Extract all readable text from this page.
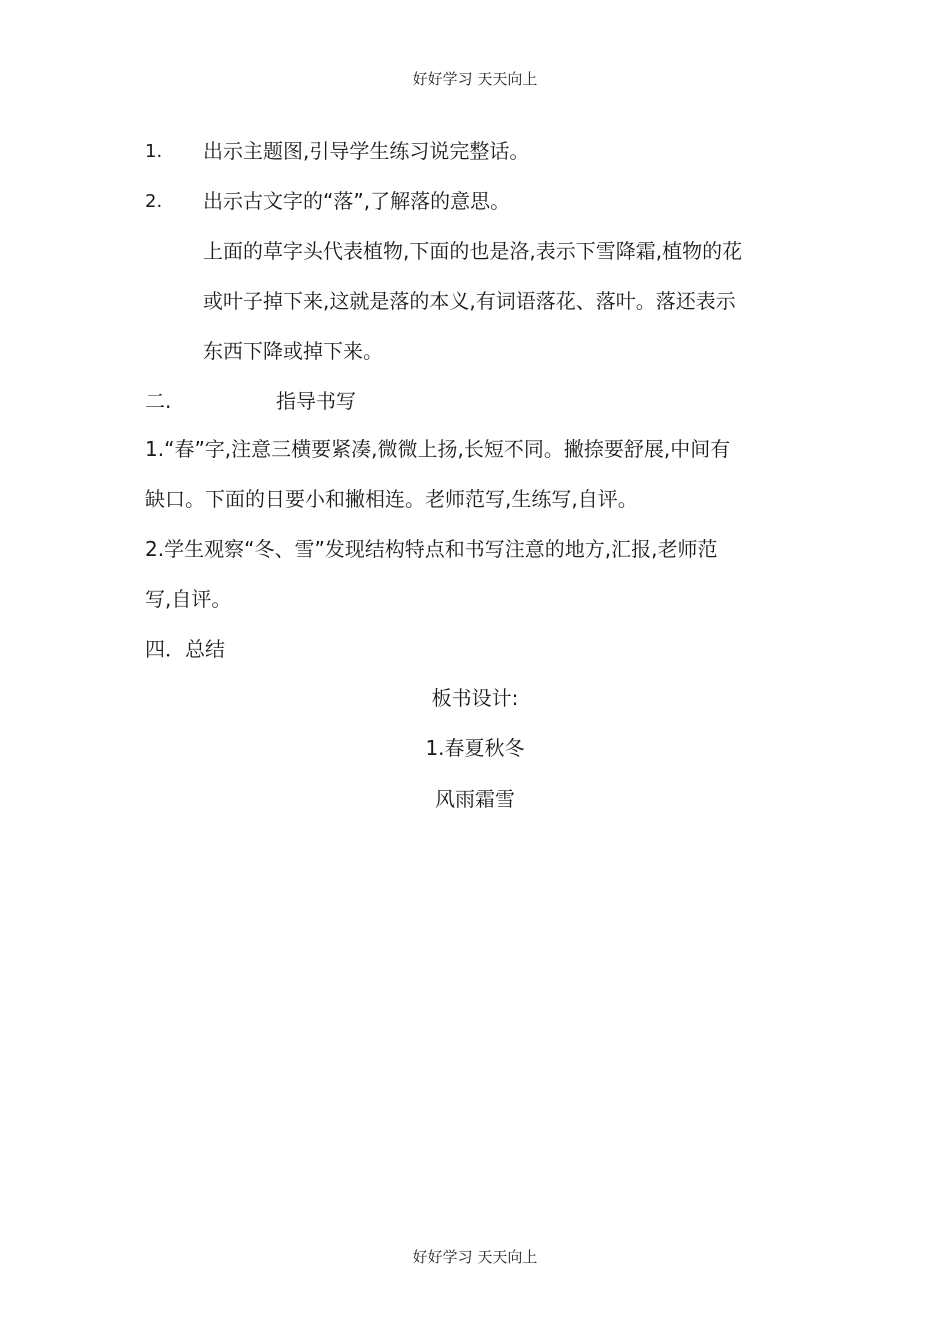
好好学习 天天向上
1. 出示主题图,引导学生练习说完整话。
2. 出示古文字的“落”,了解落的意思。
上面的草字头代表植物,下面的也是洛,表示下雪降霜,植物的花
或叶子掉下来,这就是落的本义,有词语落花、落叶。落还表示
东西下降或掉下来。
二.	指导书写
1.“春”字,注意三横要紧凑,微微上扬,长短不同。撇捺要舒展,中间有
缺口。下面的日要小和撇相连。老师范写,生练写,自评。
2.学生观察“冬、雪”发现结构特点和书写注意的地方,汇报,老师范
写,自评。
四．总结
板书设计:
1.春夏秋冬
风雨霜雪
好好学习 天天向上
